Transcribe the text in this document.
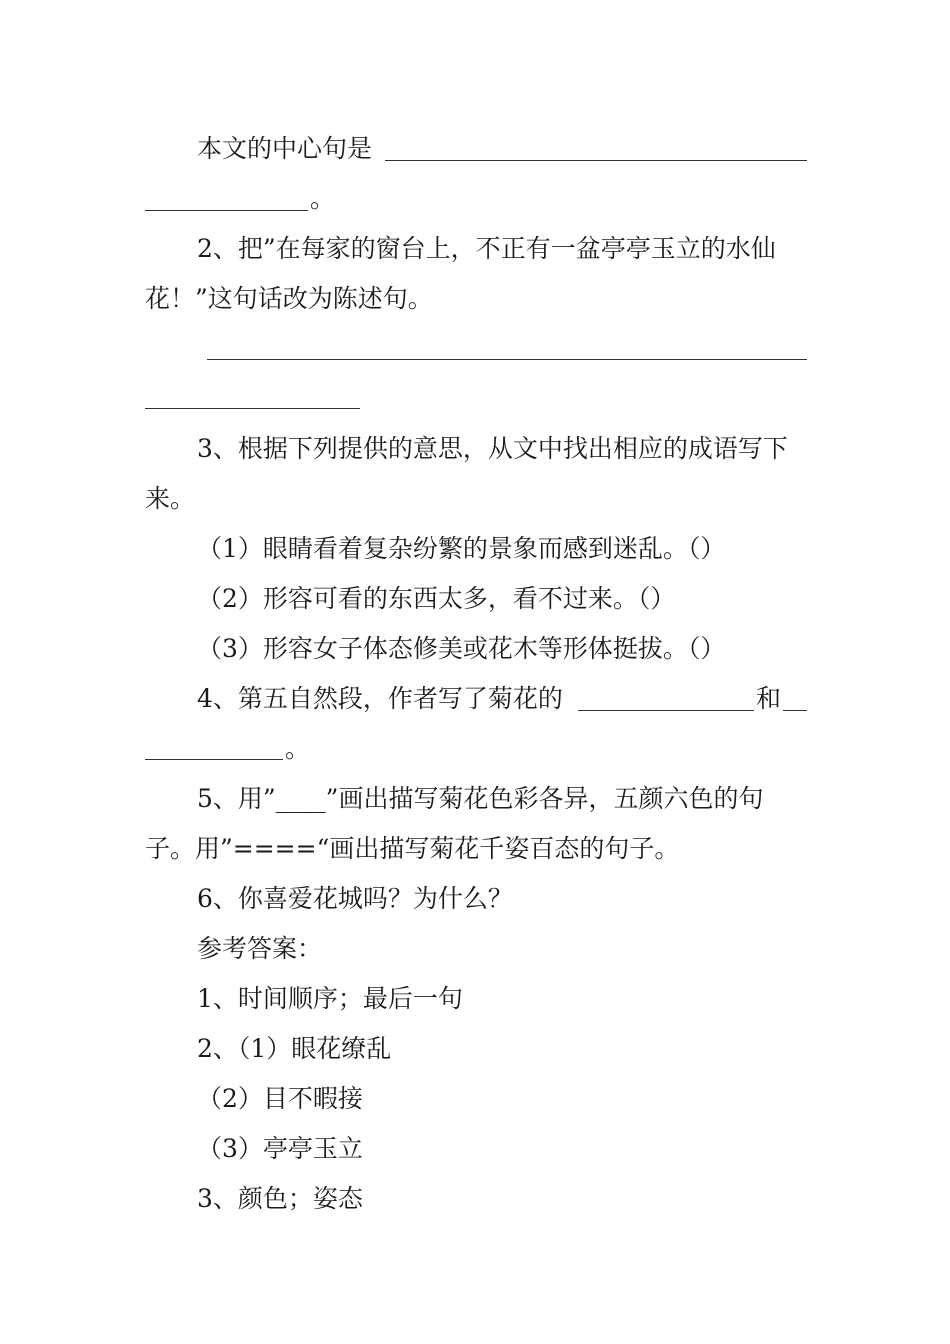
本文的中心句是
。
2、把”在每家的窗台上，不正有一盆亭亭玉立的水仙
花！”这句话改为陈述句。
3、根据下列提供的意思，从文中找出相应的成语写下
来。
（1）眼睛看着复杂纷繁的景象而感到迷乱。（）
（2）形容可看的东西太多，看不过来。（）
（3）形容女子体态修美或花木等形体挺拔。（）
4、第五自然段，作者写了菊花的	和
。
5、用”____”画出描写菊花色彩各异，五颜六色的句
子。用”====“画出描写菊花千姿百态的句子。
6、你喜爱花城吗？为什么？
参考答案：
1、时间顺序；最后一句
2、（1）眼花缭乱
（2）目不暇接
（3）亭亭玉立
3、颜色；姿态
